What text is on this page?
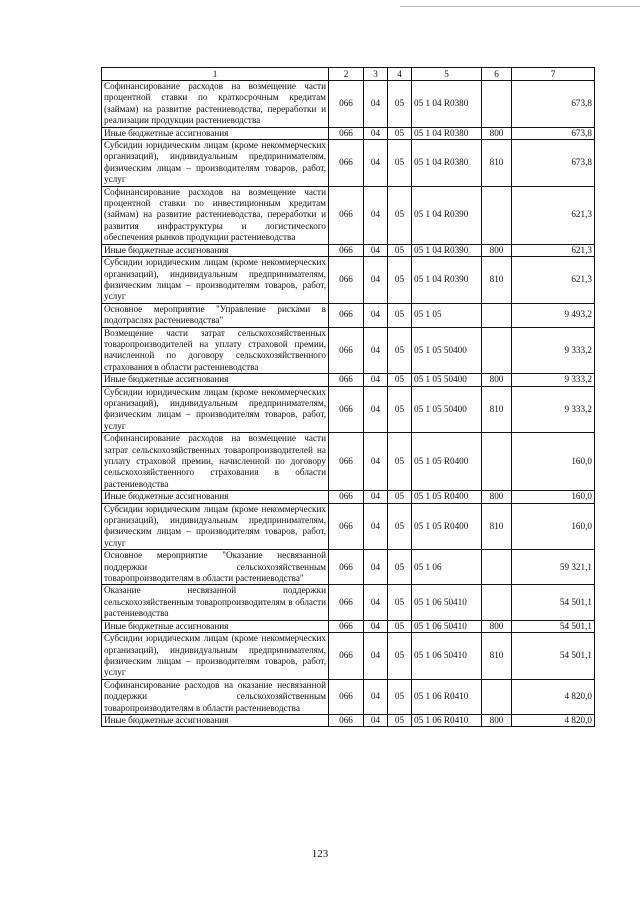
1	2	3	4	5	6	7
Софинансирование расходов на возмещение части процентной ставки по краткосрочным кредитам (займам) на развитие растениеводства, переработки и реализации продукции растениеводства	066	04	05	05 1 04 R0380		673,8
Иные бюджетные ассигнования	066	04	05	05 1 04 R0380	800	673,8
Субсидии юридическим лицам (кроме некоммерческих организаций), индивидуальным предпринимателям, физическим лицам – производителям товаров, работ, услуг	066	04	05	05 1 04 R0380	810	673,8
Софинансирование расходов на возмещение части процентной ставки по инвестиционным кредитам (займам) на развитие растениеводства, переработки и развития инфраструктуры и логистического обеспечения рынков продукции растениеводства	066	04	05	05 1 04 R0390		621,3
Иные бюджетные ассигнования	066	04	05	05 1 04 R0390	800	621,3
Субсидии юридическим лицам (кроме некоммерческих организаций), индивидуальным предпринимателям, физическим лицам – производителям товаров, работ, услуг	066	04	05	05 1 04 R0390	810	621,3
Основное мероприятие "Управление рисками в подотраслях растениеводства"	066	04	05	05 1 05		9 493,2
Возмещение части затрат сельскохозяйственных товаропроизводителей на уплату страховой премии, начисленной по договору сельскохозяйственного страхования в области растениеводства	066	04	05	05 1 05 50400		9 333,2
Иные бюджетные ассигнования	066	04	05	05 1 05 50400	800	9 333,2
Субсидии юридическим лицам (кроме некоммерческих организаций), индивидуальным предпринимателям, физическим лицам – производителям товаров, работ, услуг	066	04	05	05 1 05 50400	810	9 333,2
Софинансирование расходов на возмещение части затрат сельскохозяйственных товаропроизводителей на уплату страховой премии, начисленной по договору сельскохозяйственного страхования в области растениеводства	066	04	05	05 1 05 R0400		160,0
Иные бюджетные ассигнования	066	04	05	05 1 05 R0400	800	160,0
Субсидии юридическим лицам (кроме некоммерческих организаций), индивидуальным предпринимателям, физическим лицам – производителям товаров, работ, услуг	066	04	05	05 1 05 R0400	810	160,0
Основное мероприятие "Оказание несвязанной поддержки сельскохозяйственным товаропроизводителям в области растениеводства"	066	04	05	05 1 06		59 321,1
Оказание несвязанной поддержки сельскохозяйственным товаропроизводителям в области растениеводства	066	04	05	05 1 06 50410		54 501,1
Иные бюджетные ассигнования	066	04	05	05 1 06 50410	800	54 501,1
Субсидии юридическим лицам (кроме некоммерческих организаций), индивидуальным предпринимателям, физическим лицам – производителям товаров, работ, услуг	066	04	05	05 1 06 50410	810	54 501,1
Софинансирование расходов на оказание несвязанной поддержки сельскохозяйственным товаропроизводителям в области растениеводства	066	04	05	05 1 06 R0410		4 820,0
Иные бюджетные ассигнования	066	04	05	05 1 06 R0410	800	4 820,0
123
